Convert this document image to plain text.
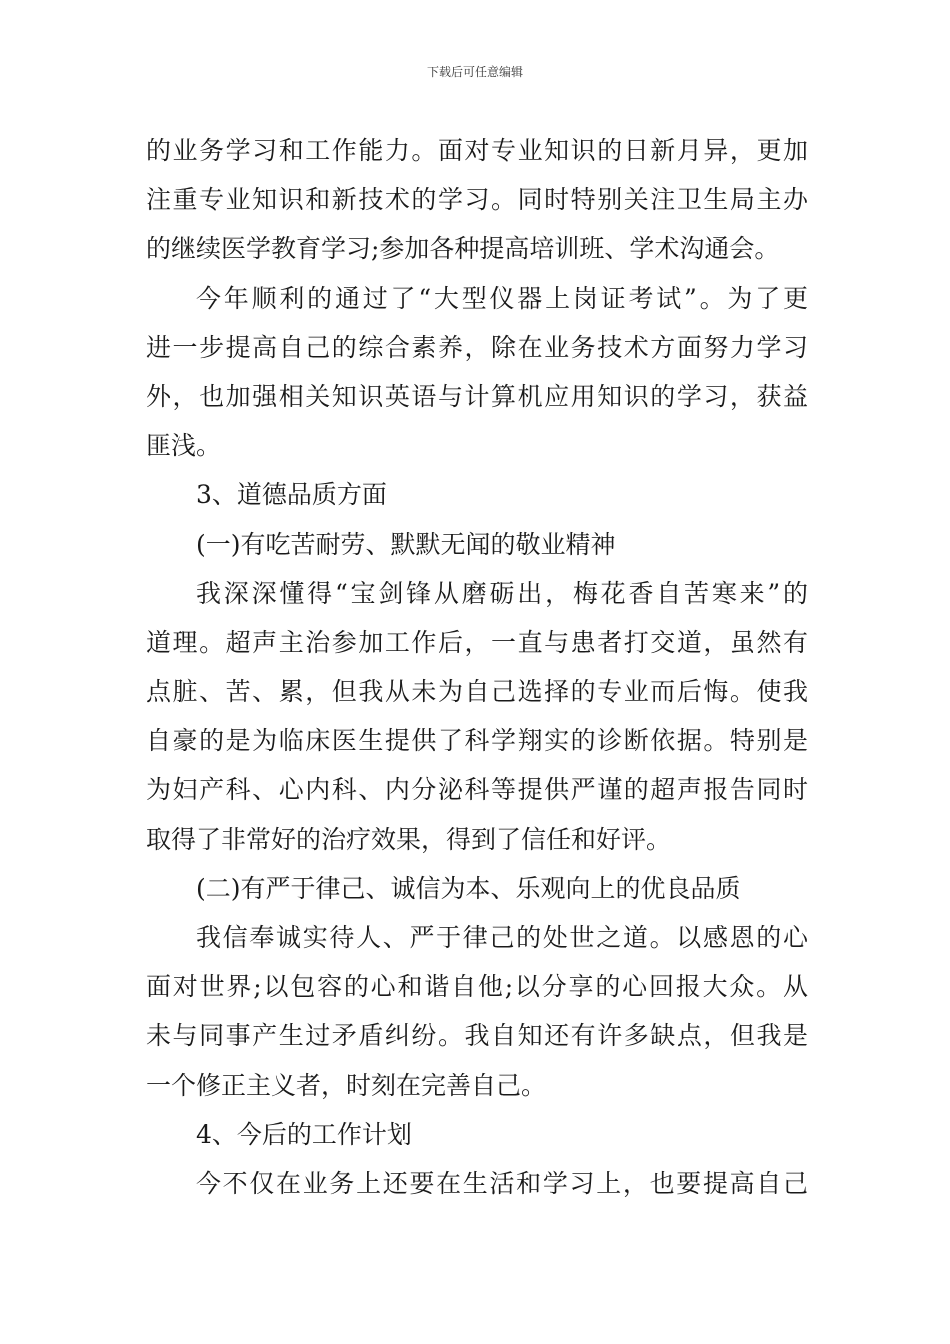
下载后可任意编辑
的业务学习和工作能力。面对专业知识的日新月异，更加
注重专业知识和新技术的学习。同时特别关注卫生局主办
的继续医学教育学习;参加各种提高培训班、学术沟通会。
今年顺利的通过了“大型仪器上岗证考试”。为了更
进一步提高自己的综合素养，除在业务技术方面努力学习
外，也加强相关知识英语与计算机应用知识的学习，获益
匪浅。
3、道德品质方面
(一)有吃苦耐劳、默默无闻的敬业精神
我深深懂得“宝剑锋从磨砺出，梅花香自苦寒来”的
道理。超声主治参加工作后，一直与患者打交道，虽然有
点脏、苦、累，但我从未为自己选择的专业而后悔。使我
自豪的是为临床医生提供了科学翔实的诊断依据。特别是
为妇产科、心内科、内分泌科等提供严谨的超声报告同时
取得了非常好的治疗效果，得到了信任和好评。
(二)有严于律己、诚信为本、乐观向上的优良品质
我信奉诚实待人、严于律己的处世之道。以感恩的心
面对世界;以包容的心和谐自他;以分享的心回报大众。从
未与同事产生过矛盾纠纷。我自知还有许多缺点，但我是
一个修正主义者，时刻在完善自己。
4、今后的工作计划
今不仅在业务上还要在生活和学习上，也要提高自己
